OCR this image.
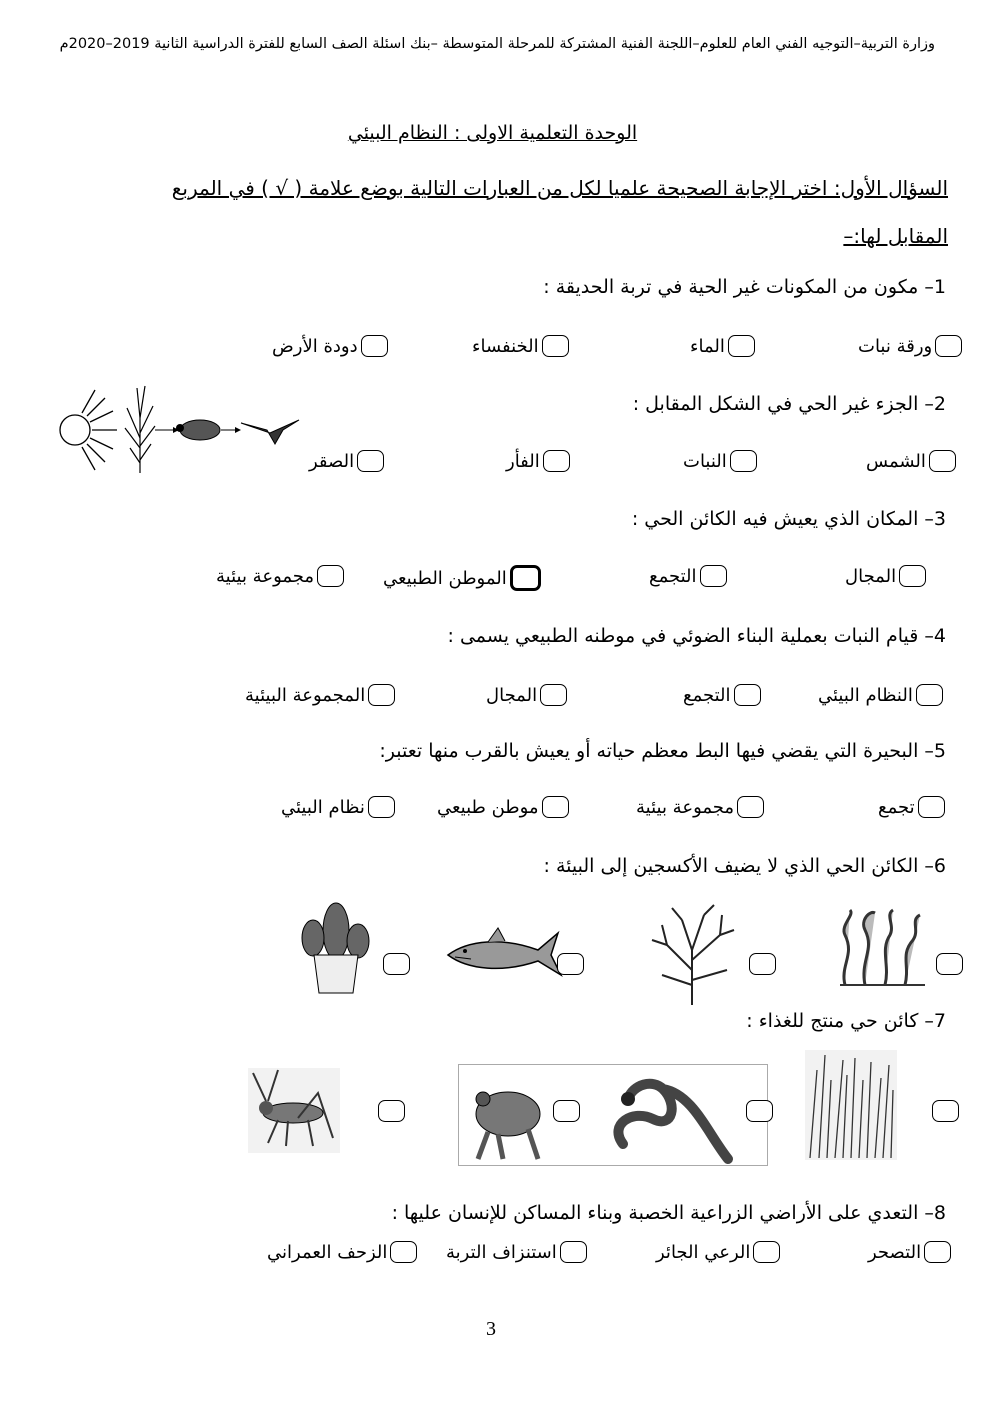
وزارة التربية–التوجيه الفني العام للعلوم–اللجنة الفنية المشتركة للمرحلة المتوسطة –بنك اسئلة الصف السابع للفترة الدراسية الثانية 2019–2020م
الوحدة التعلمية الاولى : النظام البيئي
السؤال الأول: اختر الإجابة الصحيحة علميا لكل من العبارات التالية بوضع علامة ( √ ) في المربع
المقابل لها:–
1– مكون من المكونات غير الحية في تربة الحديقة :
ورقة نبات
الماء
الخنفساء
دودة الأرض
2– الجزء غير الحي في الشكل المقابل :
الشمس
النبات
الفأر
الصقر
3– المكان الذي يعيش فيه الكائن الحي :
المجال
التجمع
الموطن الطبيعي
مجموعة بيئية
4– قيام النبات بعملية البناء الضوئي في موطنه الطبيعي يسمى :
النظام البيئي
التجمع
المجال
المجموعة البيئية
5– البحيرة التي يقضي فيها البط معظم حياته أو يعيش بالقرب منها تعتبر:
تجمع
مجموعة بيئية
موطن طبيعي
نظام البيئي
6– الكائن الحي الذي لا يضيف الأكسجين إلى البيئة :
7– كائن حي منتج للغذاء :
8– التعدي على الأراضي الزراعية الخصبة وبناء المساكن للإنسان عليها :
التصحر
الرعي الجائر
استنزاف التربة
الزحف العمراني
3
